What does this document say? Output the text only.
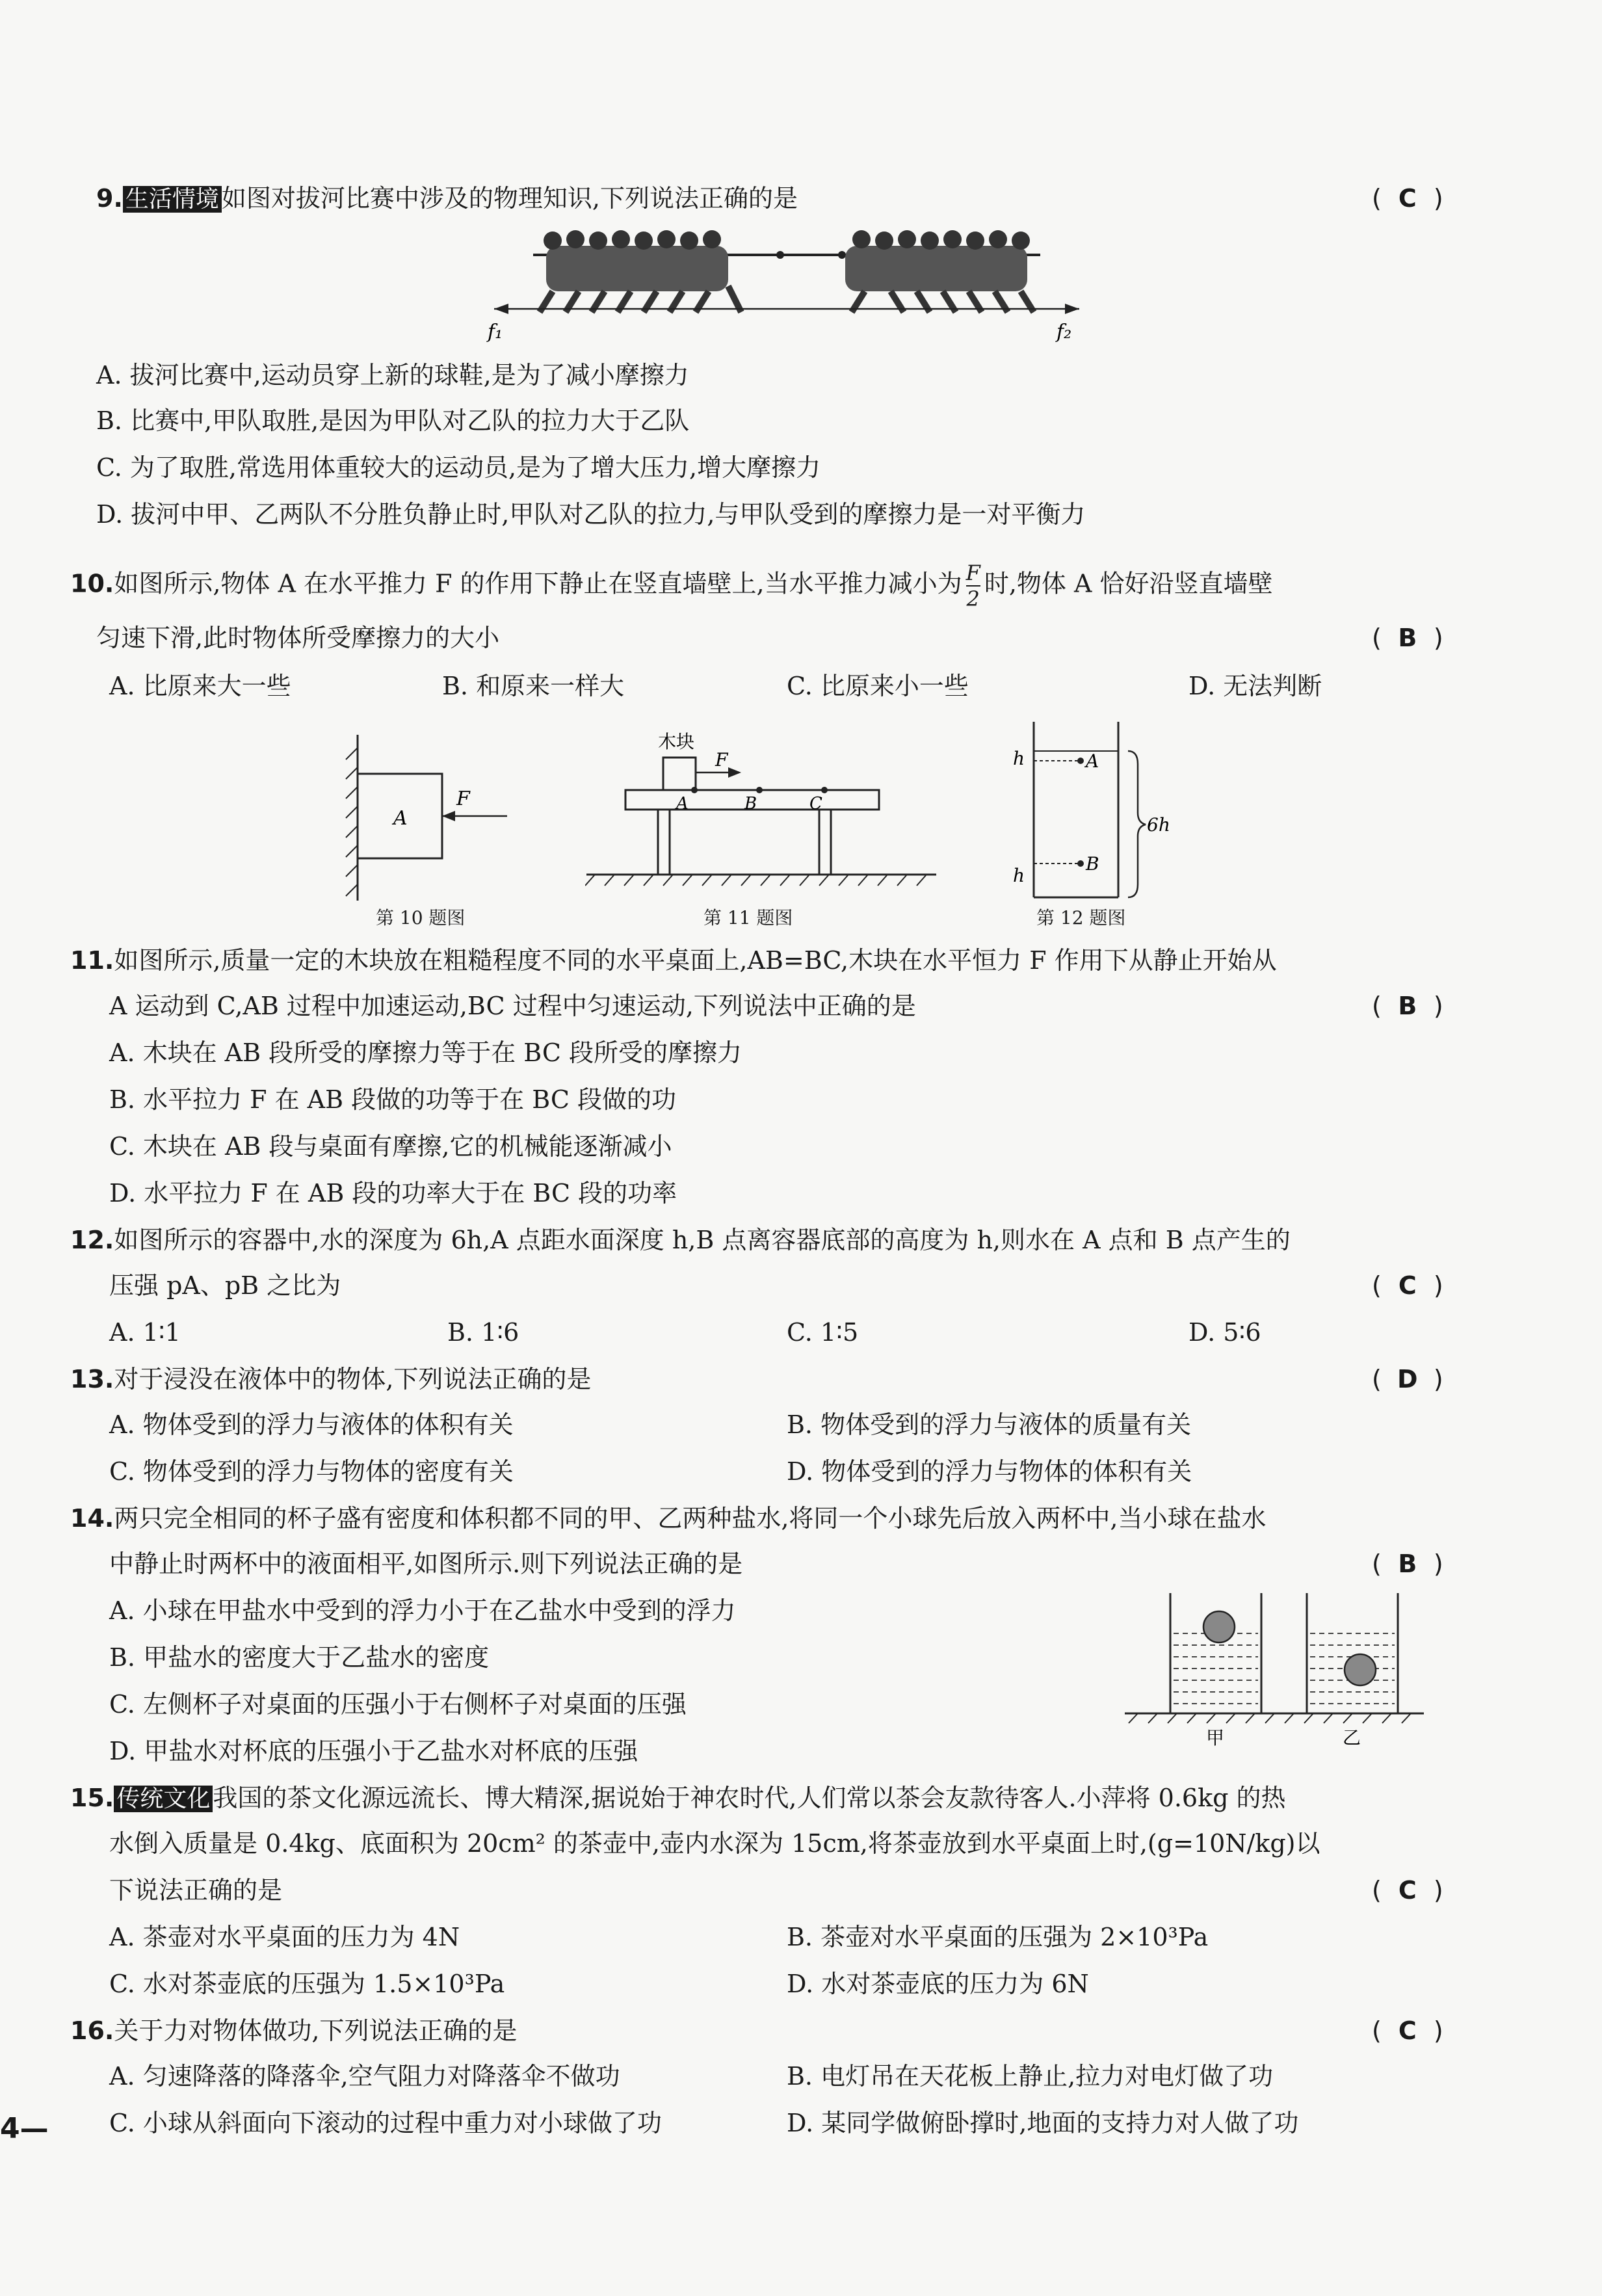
9. 生活情境 如图对拔河比赛中涉及的物理知识,下列说法正确的是	( C )
f₁	f₂
A. 拔河比赛中,运动员穿上新的球鞋,是为了减小摩擦力
B. 比赛中,甲队取胜,是因为甲队对乙队的拉力大于乙队
C. 为了取胜,常选用体重较大的运动员,是为了增大压力,增大摩擦力
D. 拔河中甲、乙两队不分胜负静止时,甲队对乙队的拉力,与甲队受到的摩擦力是一对平衡力
10.如图所示,物体 A 在水平推力 F 的作用下静止在竖直墙壁上,当水平推力减小为 $\frac{F}{2}$ 时,物体 A 恰好沿竖直墙壁
匀速下滑,此时物体所受摩擦力的大小	( B )
A. 比原来大一些	B. 和原来一样大	C. 比原来小一些	D. 无法判断
A
F
第 10 题图
木块
F
A	B	C
第 11 题图
A
h
B
h
6h
第 12 题图
11.如图所示,质量一定的木块放在粗糙程度不同的水平桌面上,AB=BC,木块在水平恒力 F 作用下从静止开始从
A 运动到 C,AB 过程中加速运动,BC 过程中匀速运动,下列说法中正确的是	( B )
A. 木块在 AB 段所受的摩擦力等于在 BC 段所受的摩擦力
B. 水平拉力 F 在 AB 段做的功等于在 BC 段做的功
C. 木块在 AB 段与桌面有摩擦,它的机械能逐渐减小
D. 水平拉力 F 在 AB 段的功率大于在 BC 段的功率
12.如图所示的容器中,水的深度为 6h,A 点距水面深度 h,B 点离容器底部的高度为 h,则水在 A 点和 B 点产生的
压强 pA、pB 之比为	( C )
A. 1∶1	B. 1∶6	C. 1∶5	D. 5∶6
13.对于浸没在液体中的物体,下列说法正确的是	( D )
A. 物体受到的浮力与液体的体积有关	B. 物体受到的浮力与液体的质量有关
C. 物体受到的浮力与物体的密度有关	D. 物体受到的浮力与物体的体积有关
14.两只完全相同的杯子盛有密度和体积都不同的甲、乙两种盐水,将同一个小球先后放入两杯中,当小球在盐水
中静止时两杯中的液面相平,如图所示.则下列说法正确的是	( B )
A. 小球在甲盐水中受到的浮力小于在乙盐水中受到的浮力
B. 甲盐水的密度大于乙盐水的密度
C. 左侧杯子对桌面的压强小于右侧杯子对桌面的压强
D. 甲盐水对杯底的压强小于乙盐水对杯底的压强	甲	乙
15. 传统文化 我国的茶文化源远流长、博大精深,据说始于神农时代,人们常以茶会友款待客人.小萍将 0.6kg 的热
水倒入质量是 0.4kg、底面积为 20cm² 的茶壶中,壶内水深为 15cm,将茶壶放到水平桌面上时,(g=10N/kg)以
下说法正确的是	( C )
A. 茶壶对水平桌面的压力为 4N	B. 茶壶对水平桌面的压强为 2×10³Pa
C. 水对茶壶底的压强为 1.5×10³Pa	D. 水对茶壶底的压力为 6N
16.关于力对物体做功,下列说法正确的是	( C )
A. 匀速降落的降落伞,空气阻力对降落伞不做功	B. 电灯吊在天花板上静止,拉力对电灯做了功
C. 小球从斜面向下滚动的过程中重力对小球做了功	D. 某同学做俯卧撑时,地面的支持力对人做了功
4—
